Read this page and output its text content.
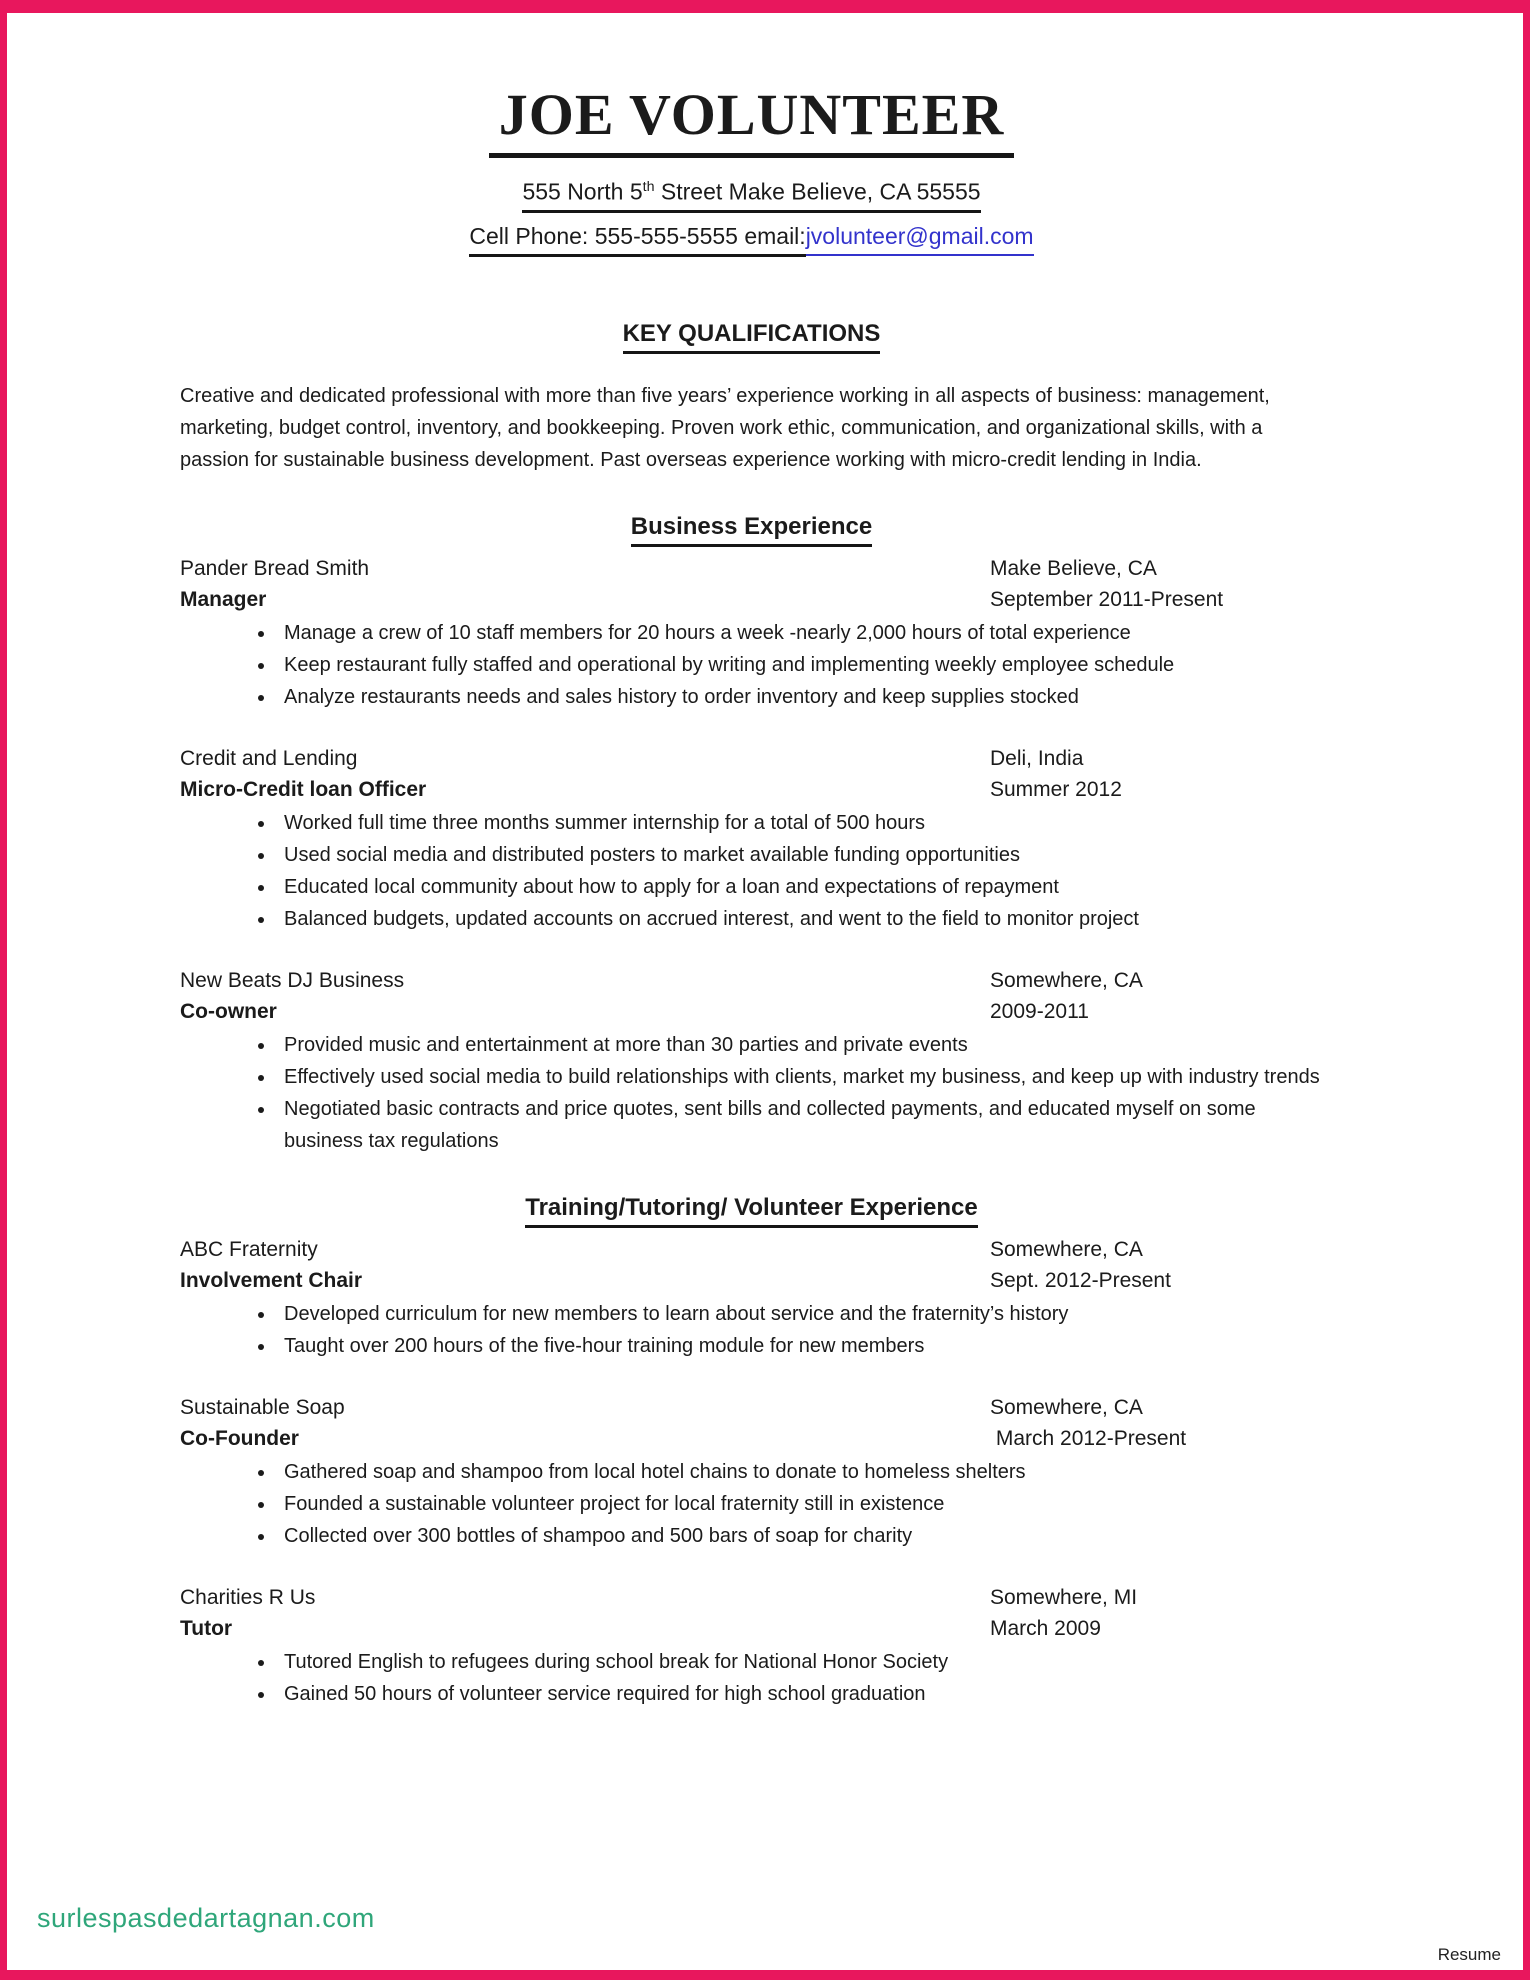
JOE VOLUNTEER
555 North 5th Street Make Believe, CA 55555
Cell Phone: 555-555-5555 email:jvolunteer@gmail.com
KEY QUALIFICATIONS

Creative and dedicated professional with more than five years’ experience working in all aspects of business: management, marketing, budget control, inventory, and bookkeeping. Proven work ethic, communication, and organizational skills, with a passion for sustainable business development. Past overseas experience working with micro-credit lending in India.

Business Experience
Pander Bread Smith	Make Believe, CA
Manager	September 2011-Present
• Manage a crew of 10 staff members for 20 hours a week -nearly 2,000 hours of total experience
• Keep restaurant fully staffed and operational by writing and implementing weekly employee schedule
• Analyze restaurants needs and sales history to order inventory and keep supplies stocked
Credit and Lending	Deli, India
Micro-Credit loan Officer	Summer 2012
• Worked full time three months summer internship for a total of 500 hours
• Used social media and distributed posters to market available funding opportunities
• Educated local community about how to apply for a loan and expectations of repayment
• Balanced budgets, updated accounts on accrued interest, and went to the field to monitor project
New Beats DJ Business	Somewhere, CA
Co-owner	2009-2011
• Provided music and entertainment at more than 30 parties and private events
• Effectively used social media to build relationships with clients, market my business, and keep up with industry trends
• Negotiated basic contracts and price quotes, sent bills and collected payments, and educated myself on some business tax regulations
Training/Tutoring/ Volunteer Experience
ABC Fraternity	Somewhere, CA
Involvement Chair	Sept. 2012-Present
• Developed curriculum for new members to learn about service and the fraternity’s history
• Taught over 200 hours of the five-hour training module for new members
Sustainable Soap	Somewhere, CA
Co-Founder	March 2012-Present
• Gathered soap and shampoo from local hotel chains to donate to homeless shelters
• Founded a sustainable volunteer project for local fraternity still in existence
• Collected over 300 bottles of shampoo and 500 bars of soap for charity
Charities R Us	Somewhere, MI
Tutor	March 2009
• Tutored English to refugees during school break for National Honor Society
• Gained 50 hours of volunteer service required for high school graduation
surlespasdedartagnan.com
Resume
